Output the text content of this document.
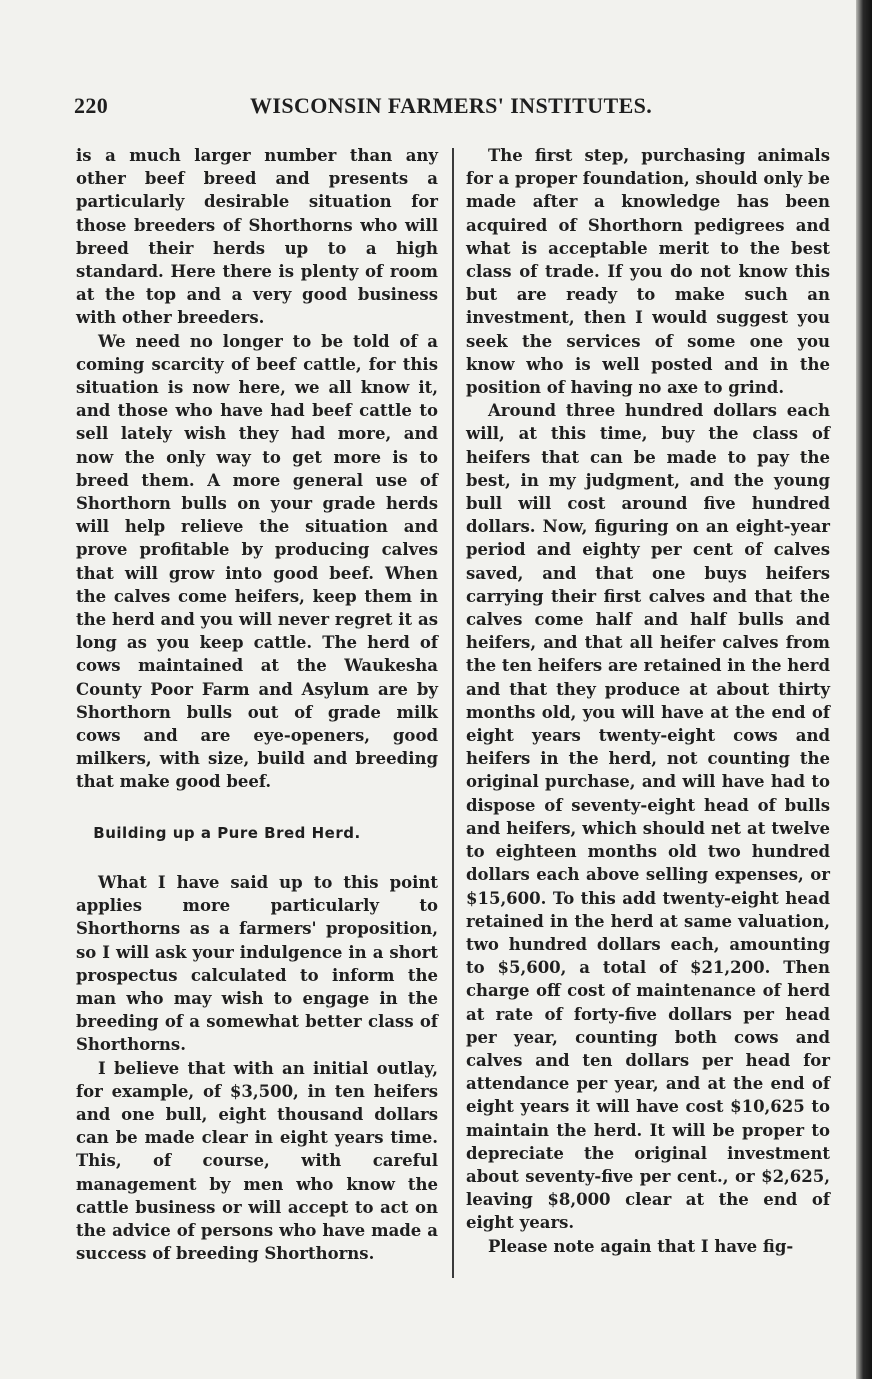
220	WISCONSIN FARMERS' INSTITUTES.

is a much larger number than any other beef breed and presents a particularly desirable situation for those breeders of Shorthorns who will breed their herds up to a high standard. Here there is plenty of room at the top and a very good business with other breeders.

We need no longer to be told of a coming scarcity of beef cattle, for this situation is now here, we all know it, and those who have had beef cattle to sell lately wish they had more, and now the only way to get more is to breed them. A more general use of Shorthorn bulls on your grade herds will help relieve the situation and prove profitable by producing calves that will grow into good beef. When the calves come heifers, keep them in the herd and you will never regret it as long as you keep cattle. The herd of cows maintained at the Waukesha County Poor Farm and Asylum are by Shorthorn bulls out of grade milk cows and are eye-openers, good milkers, with size, build and breeding that make good beef.

Building up a Pure Bred Herd.

What I have said up to this point applies more particularly to Shorthorns as a farmers' proposition, so I will ask your indulgence in a short prospectus calculated to inform the man who may wish to engage in the breeding of a somewhat better class of Shorthorns.

I believe that with an initial outlay, for example, of $3,500, in ten heifers and one bull, eight thousand dollars can be made clear in eight years time. This, of course, with careful management by men who know the cattle business or will accept to act on the advice of persons who have made a success of breeding Shorthorns.

The first step, purchasing animals for a proper foundation, should only be made after a knowledge has been acquired of Shorthorn pedigrees and what is acceptable merit to the best class of trade. If you do not know this but are ready to make such an investment, then I would suggest you seek the services of some one you know who is well posted and in the position of having no axe to grind.

Around three hundred dollars each will, at this time, buy the class of heifers that can be made to pay the best, in my judgment, and the young bull will cost around five hundred dollars. Now, figuring on an eight-year period and eighty per cent of calves saved, and that one buys heifers carrying their first calves and that the calves come half and half bulls and heifers, and that all heifer calves from the ten heifers are retained in the herd and that they produce at about thirty months old, you will have at the end of eight years twenty-eight cows and heifers in the herd, not counting the original purchase, and will have had to dispose of seventy-eight head of bulls and heifers, which should net at twelve to eighteen months old two hundred dollars each above selling expenses, or $15,600. To this add twenty-eight head retained in the herd at same valuation, two hundred dollars each, amounting to $5,600, a total of $21,200. Then charge off cost of maintenance of herd at rate of forty-five dollars per head per year, counting both cows and calves and ten dollars per head for attendance per year, and at the end of eight years it will have cost $10,625 to maintain the herd. It will be proper to depreciate the original investment about seventy-five per cent., or $2,625, leaving $8,000 clear at the end of eight years.

Please note again that I have fig-
